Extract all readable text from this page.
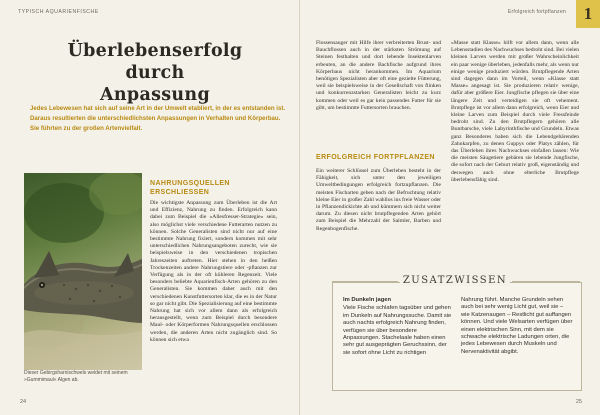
TYPISCH AQUARIENFISCHE	Erfolgreich fortpflanzen	1
Überlebenserfolg durch
Anpassung
Jedes Lebewesen hat sich auf seine Art in der Umwelt etabliert, in der es entstanden ist. Daraus resultierten die unterschiedlichsten Anpassungen in Verhalten und Körperbau. Sie führten zu der großen Artenvielfalt.
Dieser Gebirgsharnischwels weidet mit seinem »Gummimaul« Algen ab.
NAHRUNGSQUELLEN
ERSCHLIESSEN
Die wichtigste Anpassung zum Überleben ist die Art und Effizienz, Nahrung zu finden. Erfolgreich kann dabei zum Beispiel die »Allesfresser-Strategie« sein, also möglichst viele verschiedene Futterarten nutzen zu können. Solche Generalisten sind nicht nur auf eine bestimmte Nahrung fixiert, sondern kommen mit sehr unterschiedlichen Nahrungsangeboten zurecht, wie sie beispielsweise in den verschiedenen tropischen Jahreszeiten auftreten. Hier stehen in den heißen Trockenzeiten andere Nahrungstiere oder -pflanzen zur Verfügung als in der oft kühleren Regenzeit. Viele besonders beliebte Aquarienfisch-Arten gehören zu den Generalisten. Sie kommen daher auch mit den verschiedenen Kunstfuttersorten klar, die es in der Natur so gar nicht gibt. Die Spezialisierung auf eine bestimmte Nahrung hat sich vor allem dann als erfolgreich herausgestellt, wenn zum Beispiel durch besondere Maul- oder Körperformen Nahrungsquellen erschlossen werden, die anderen Arten nicht zugänglich sind. So können sich etwa
Flossensauger mit Hilfe ihrer verbreiterten Brust- und Bauchflossen auch in der stärksten Strömung auf Steinen festhalten und dort lebende Insektenlarven erbeuten, an die andere Bachfische aufgrund ihres Körperbaus nicht herankommen. Im Aquarium benötigen Spezialisten aber oft eine gezielte Fütterung, weil sie beispielsweise in der Gesellschaft von flinken und konkurrenzstarken Generalisten leicht zu kurz kommen oder weil es gar kein passendes Futter für sie gibt, um bestimmte Futtersorten brauchen.
ERFOLGREICH FORTPFLANZEN
Ein weiterer Schlüssel zum Überleben besteht in der Fähigkeit, sich unter den jeweiligen Umweltbedingungen erfolgreich fortzupflanzen. Die meisten Fischarten geben nach der Befruchtung relativ kleine Eier in großer Zahl wahllos ins freie Wasser oder in Pflanzendickichte ab und kümmern sich nicht weiter darum. Zu diesen nicht brutpflegenden Arten gehört zum Beispiel die Mehrzahl der Salmler, Barben und Regenbogenfische.
»Masse statt Klasse« hilft vor allem dann, wenn alle Lebensstadien des Nachwuchses bedroht sind. Bei vielen kleinen Larven werden mit großer Wahrscheinlichkeit ein paar wenige überleben, jedenfalls mehr, als wenn nur einige wenige produziert würden. Brutpflegende Arten sind dagegen dann im Vorteil, wenn »Klasse statt Masse« angesagt ist. Sie produzieren relativ wenige, dafür aber größere Eier. Jungfische pflegen sie über eine längere Zeit und verteidigen sie oft vehement. Brutpflege ist vor allem dann erfolgreich, wenn Eier und kleine Larven zum Beispiel durch viele Fressfeinde bedroht sind. Zu den Brutpflegern gehören alle Buntbarsche, viele Labyrinthfische und Grundeln. Etwas ganz Besonderes haben sich die Lebendgebärenden Zahnkarpfen, zu denen Guppys oder Platys zählen, für das Überleben ihres Nachwuchses einfallen lassen: Wie die meisten Säugetiere gebären sie lebende Jungfische, die sofort nach der Geburt relativ groß, eigenständig und deswegen auch ohne elterliche Brutpflege überlebensfähig sind.
Im Dunkeln jagen
Viele Fische schlafen tagsüber und gehen im Dunkeln auf Nahrungssuche. Damit sie auch nachts erfolgreich Nahrung finden, verfügen sie über besondere Anpassungen. Stachelaale haben einen sehr gut ausgeprägten Geruchssinn, der sie sofort ohne Licht zu richtigen
Nahrung führt. Manche Grundeln sehen auch bei sehr wenig Licht gut, weil sie – wie Katzenaugen – Restlicht gut auffangen können. Und viele Welsarten verfügen über einen elektrischen Sinn, mit dem sie schwache elektrische Ladungen orten, die jedes Lebewesen durch Muskeln und Nervenaktivität abgibt.
ZUSATZWISSEN
24	25
